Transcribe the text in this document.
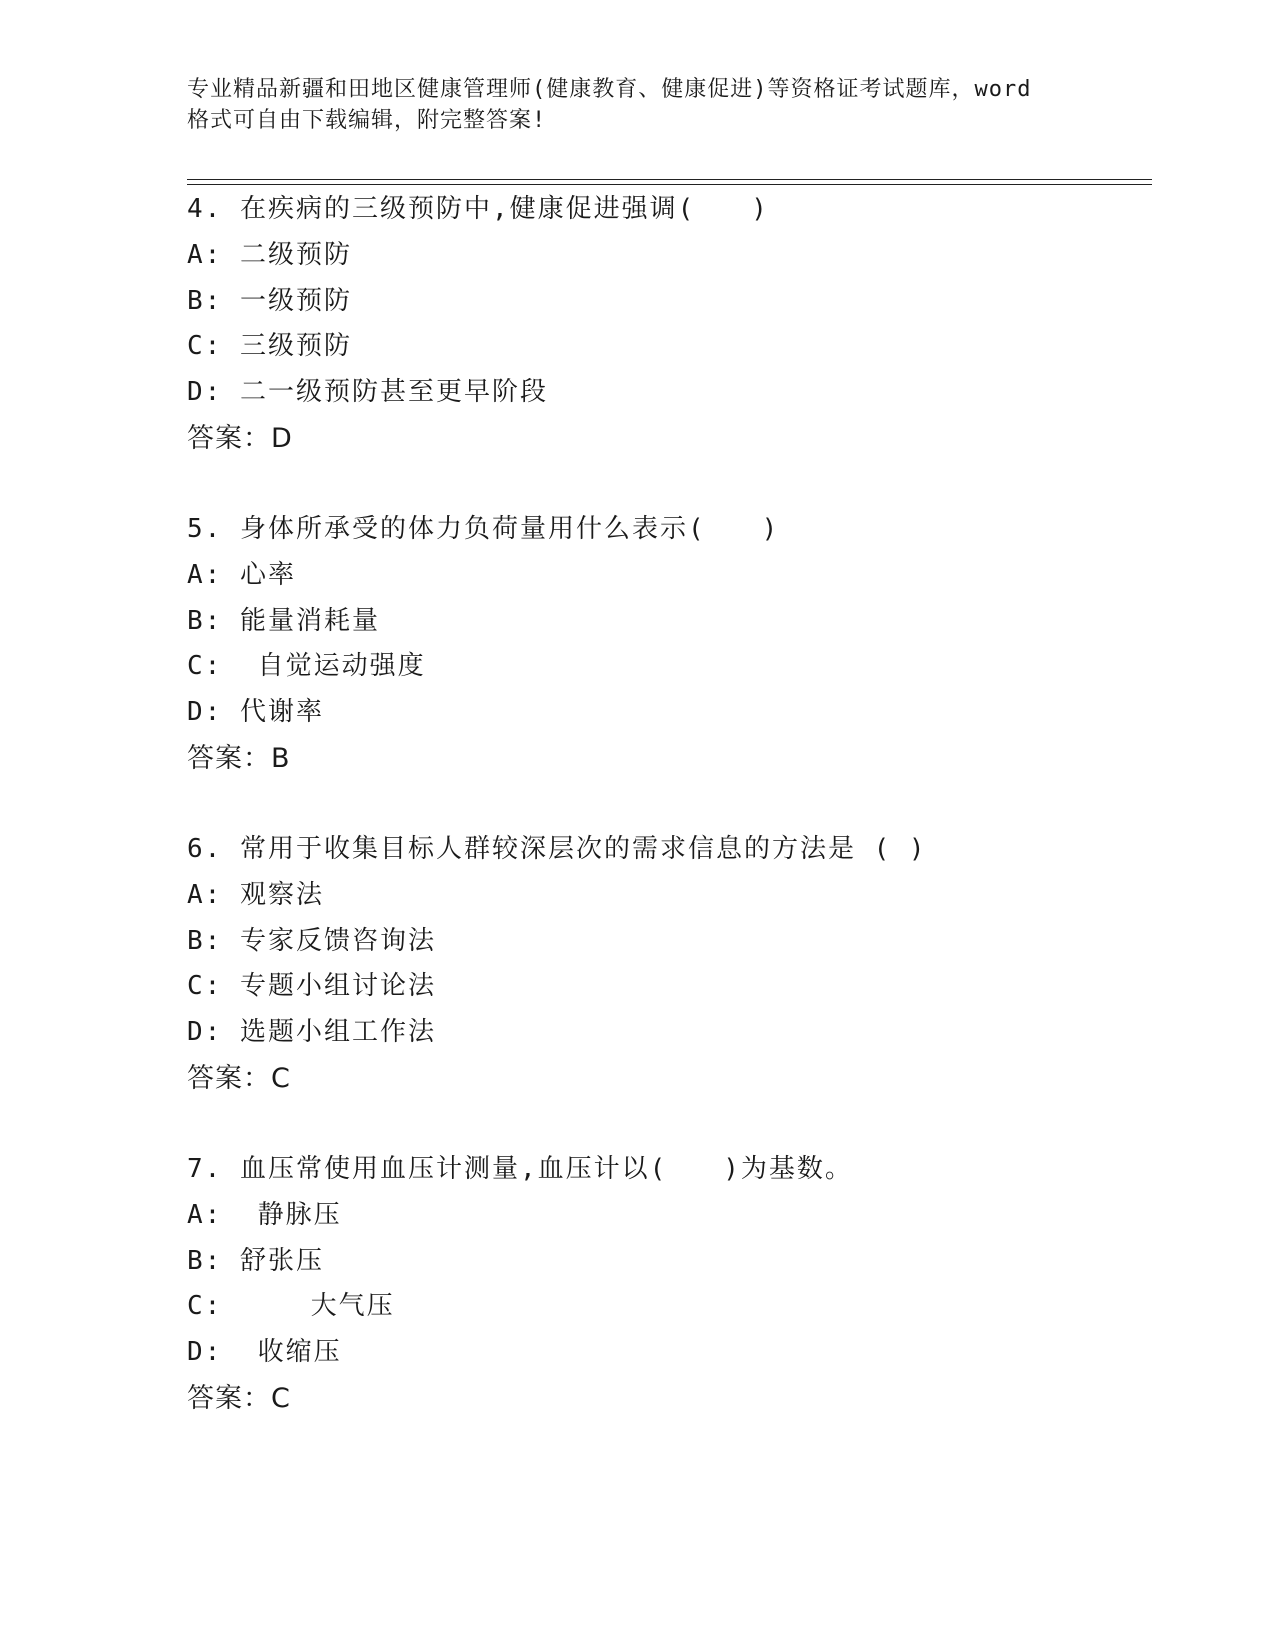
专业精品新疆和田地区健康管理师(健康教育、健康促进)等资格证考试题库，word
格式可自由下载编辑，附完整答案!
4. 在疾病的三级预防中,健康促进强调(　　)
A: 二级预防
B: 一级预防
C: 三级预防
D: 二一级预防甚至更早阶段
答案：D
5. 身体所承受的体力负荷量用什么表示(　　)
A: 心率
B: 能量消耗量
C:  自觉运动强度
D: 代谢率
答案：B
6. 常用于收集目标人群较深层次的需求信息的方法是 ( )
A: 观察法
B: 专家反馈咨询法
C: 专题小组讨论法
D: 选题小组工作法
答案：C
7. 血压常使用血压计测量,血压计以(　　)为基数。
A:  静脉压
B: 舒张压
C:     大气压
D:  收缩压
答案：C
